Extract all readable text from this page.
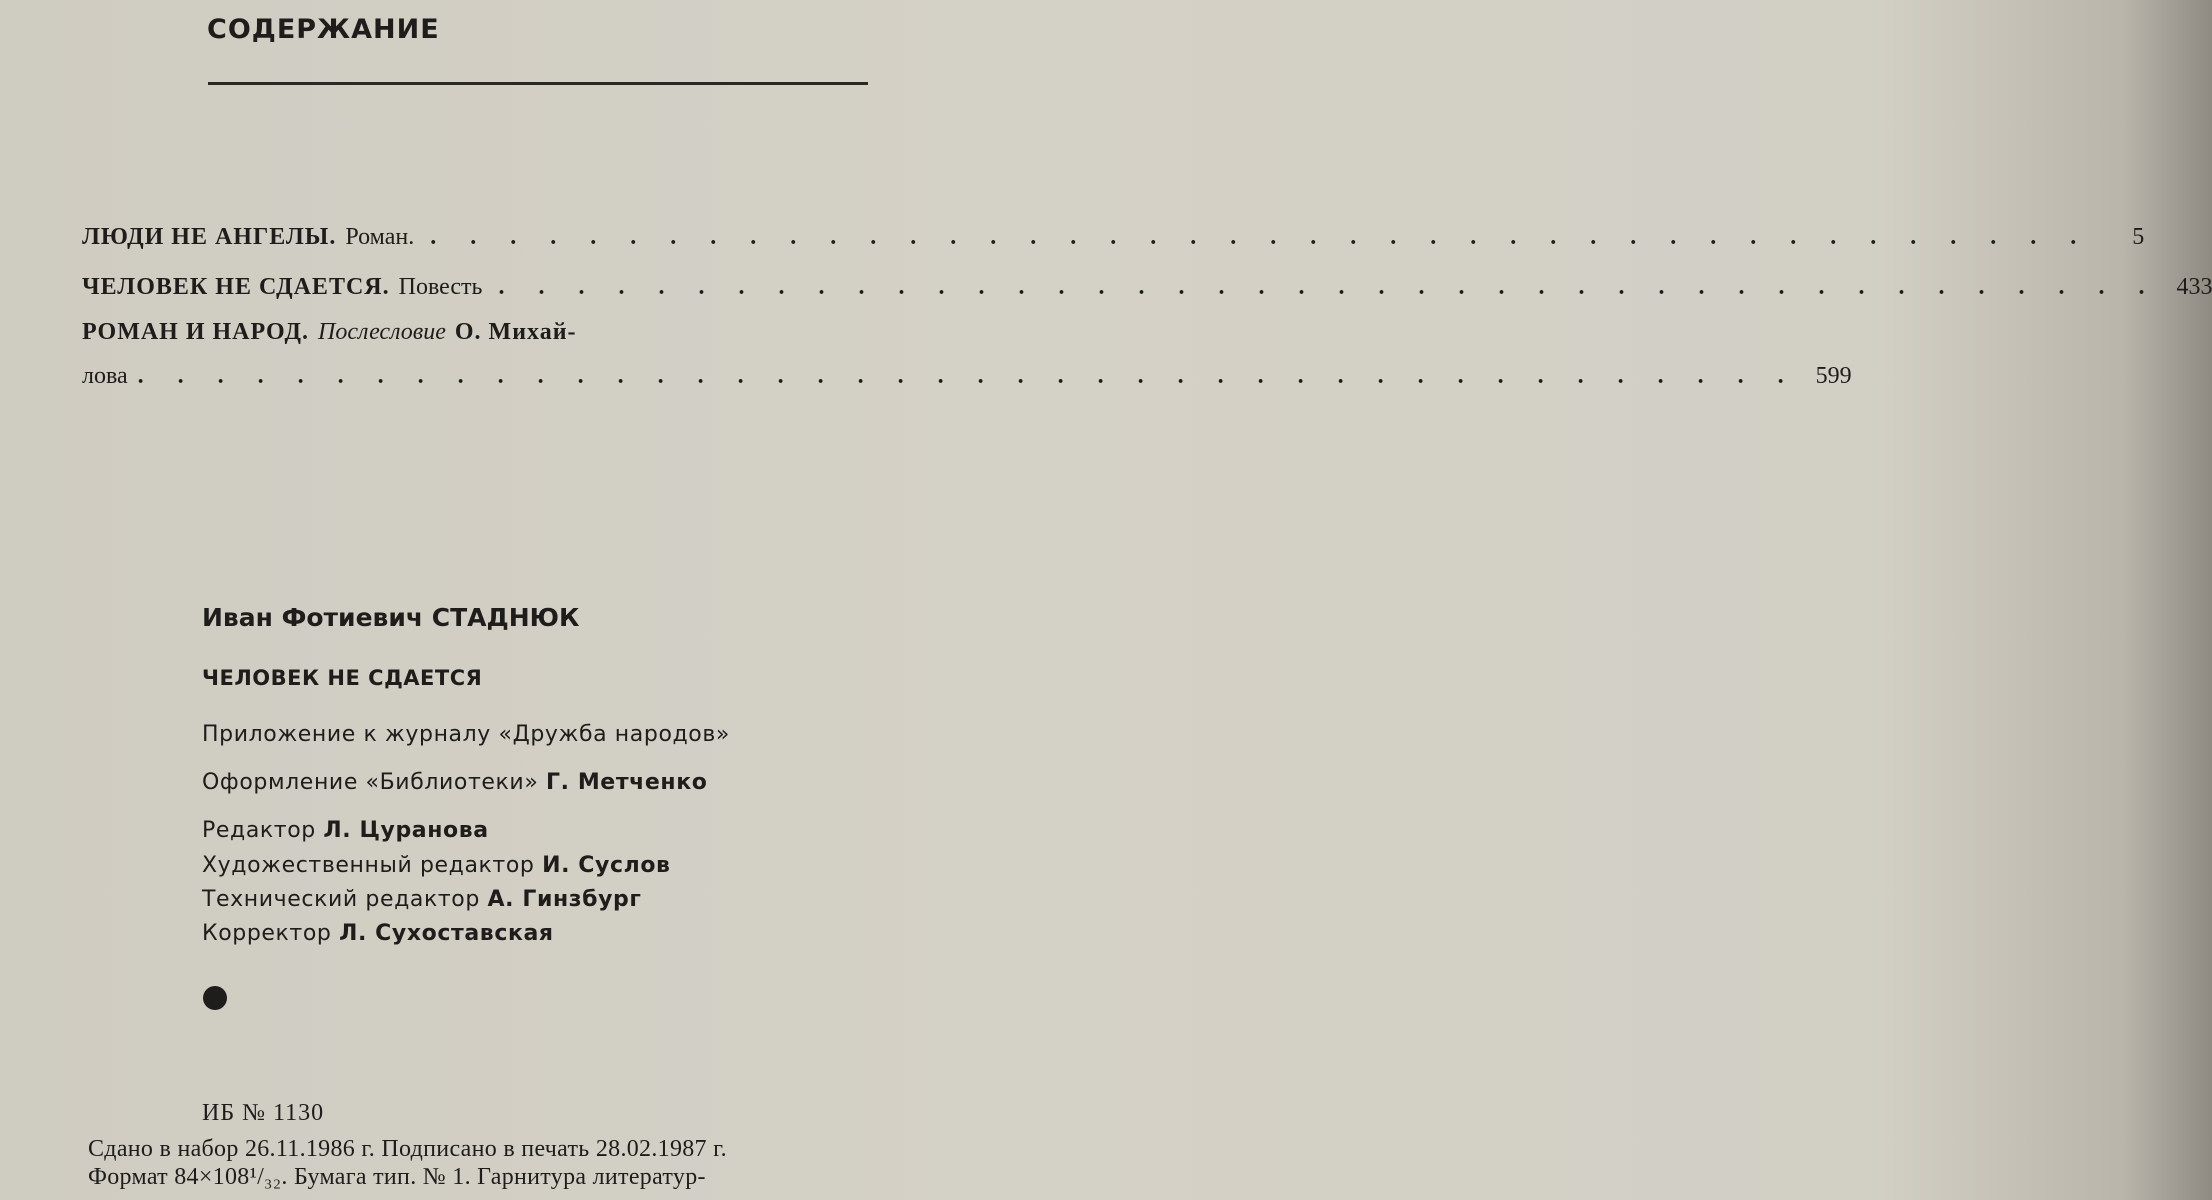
СОДЕРЖАНИЕ
ЛЮДИ НЕ АНГЕЛЫ. Роман. . . . . . . . . . . . . . . . . . . . . . . . . . . . . . . . . . . . . . . . . . .	5
ЧЕЛОВЕК НЕ СДАЕТСЯ. Повесть . . . . . . . . . . . . . . . . . . . . . . . . . . . . . . . . . . . . . . . . . . 433
РОМАН И НАРОД. Послесловие О. Михай-
лова . . . . . . . . . . . . . . . . . . . . . . . . . . . . . . . . . . . . . . . . . . 599
Иван Фотиевич СТАДНЮК
ЧЕЛОВЕК НЕ СДАЕТСЯ
Приложение к журналу «Дружба народов»
Оформление «Библиотеки» Г. Метченко
Редактор Л. Цуранова
Художественный редактор И. Суслов
Технический редактор А. Гинзбург
Корректор Л. Сухоставская
ИБ № 1130
Сдано в набор 26.11.1986 г. Подписано в печать 28.02.1987 г.
Формат 84×108¹/₃₂. Бумага тип. № 1. Гарнитура литератур-
